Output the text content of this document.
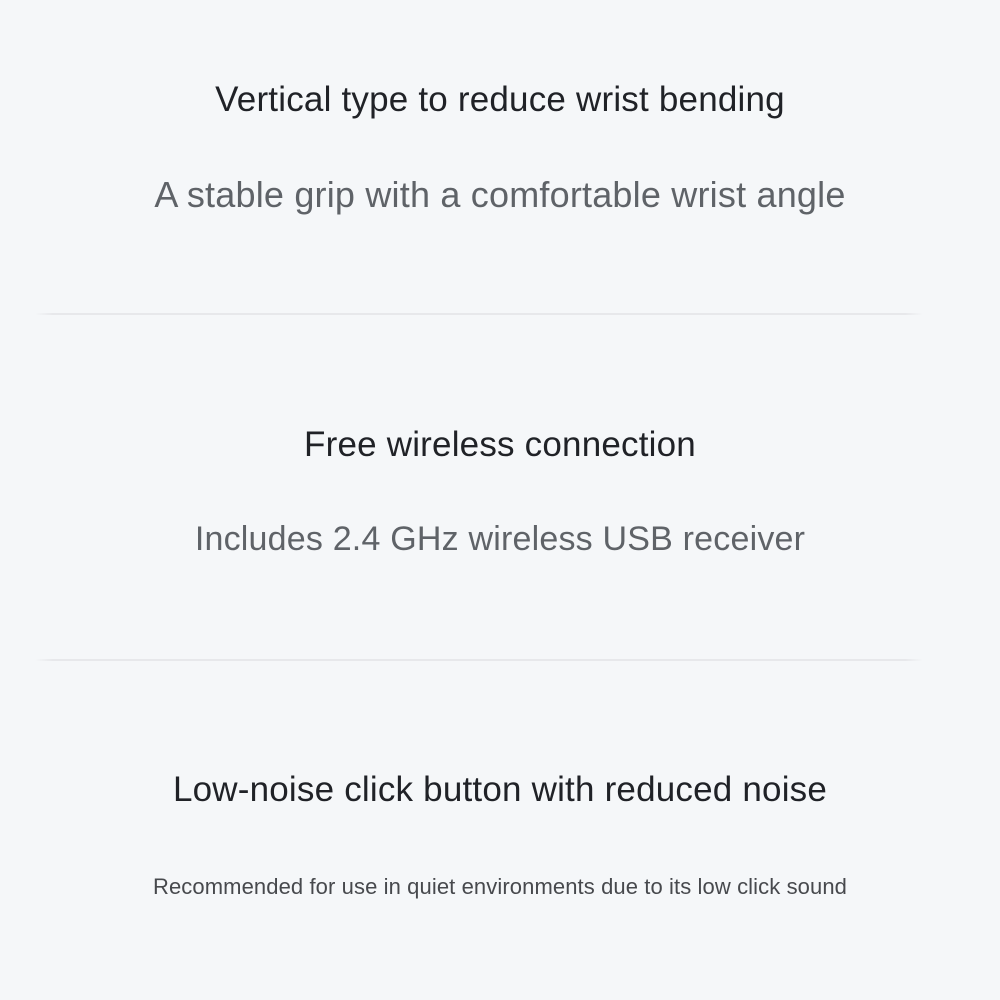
Vertical type to reduce wrist bending
A stable grip with a comfortable wrist angle
Free wireless connection
Includes 2.4 GHz wireless USB receiver
Low-noise click button with reduced noise
Recommended for use in quiet environments due to its low click sound
